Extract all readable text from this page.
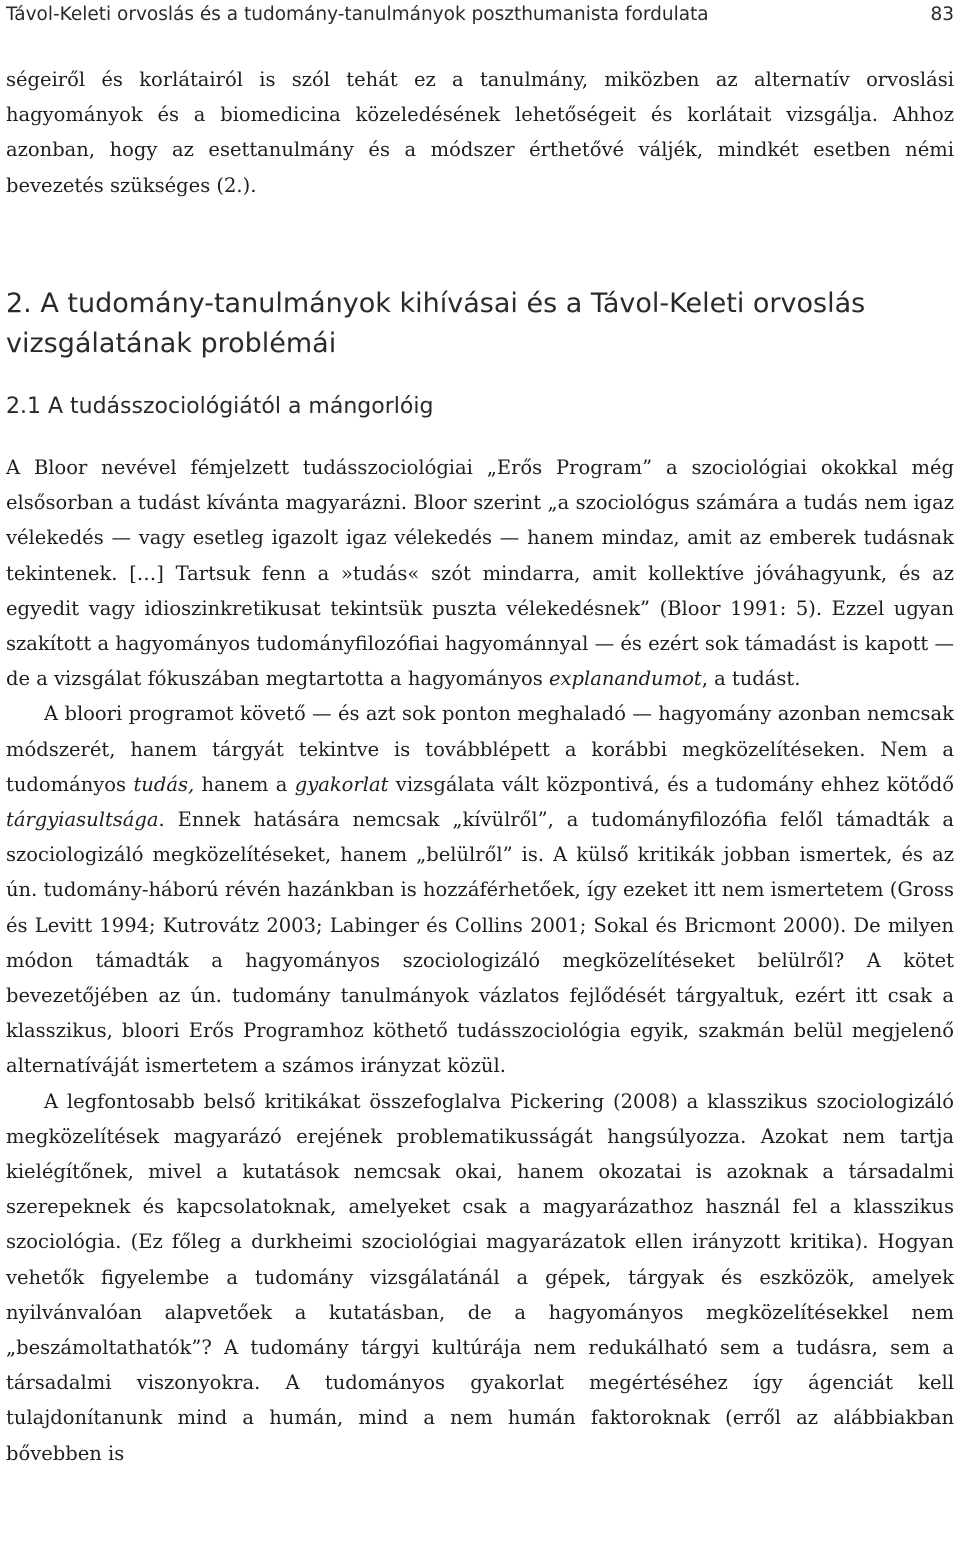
Távol-Keleti orvoslás és a tudomány-tanulmányok poszthumanista fordulata	83

ségeiről és korlátairól is szól tehát ez a tanulmány, miközben az alternatív orvoslási hagyományok és a biomedicina közeledésének lehetőségeit és korlátait vizsgálja. Ahhoz azonban, hogy az esettanulmány és a módszer érthetővé váljék, mindkét esetben némi bevezetés szükséges (2.).

2. A tudomány-tanulmányok kihívásai és a Távol-Keleti orvoslás vizsgálatának problémái
2.1 A tudásszociológiától a mángorlóig

A Bloor nevével fémjelzett tudásszociológiai „Erős Program” a szociológiai okokkal még elsősorban a tudást kívánta magyarázni. Bloor szerint „a szociológus számára a tudás nem igaz vélekedés — vagy esetleg igazolt igaz vélekedés — hanem mindaz, amit az emberek tudásnak tekintenek. […] Tartsuk fenn a »tudás« szót mindarra, amit kollektíve jóváhagyunk, és az egyedit vagy idioszinkretikusat tekintsük puszta vélekedésnek” (Bloor 1991: 5). Ezzel ugyan szakított a hagyományos tudományfilozófiai hagyománnyal — és ezért sok támadást is kapott — de a vizsgálat fókuszában megtartotta a hagyományos explanandumot, a tudást.

A bloori programot követő — és azt sok ponton meghaladó — hagyomány azonban nemcsak módszerét, hanem tárgyát tekintve is továbblépett a korábbi megközelítéseken. Nem a tudományos tudás, hanem a gyakorlat vizsgálata vált központivá, és a tudomány ehhez kötődő tárgyiasultsága. Ennek hatására nemcsak „kívülről”, a tudományfilozófia felől támadták a szociologizáló megközelítéseket, hanem „belülről” is. A külső kritikák jobban ismertek, és az ún. tudomány-háború révén hazánkban is hozzáférhetőek, így ezeket itt nem ismertetem (Gross és Levitt 1994; Kutrovátz 2003; Labinger és Collins 2001; Sokal és Bricmont 2000). De milyen módon támadták a hagyományos szociologizáló megközelítéseket belülről? A kötet bevezetőjében az ún. tudomány tanulmányok vázlatos fejlődését tárgyaltuk, ezért itt csak a klasszikus, bloori Erős Programhoz köthető tudásszociológia egyik, szakmán belül megjelenő alternatíváját ismertetem a számos irányzat közül.

A legfontosabb belső kritikákat összefoglalva Pickering (2008) a klasszikus szociologizáló megközelítések magyarázó erejének problematikusságát hangsúlyozza. Azokat nem tartja kielégítőnek, mivel a kutatások nemcsak okai, hanem okozatai is azoknak a társadalmi szerepeknek és kapcsolatoknak, amelyeket csak a magyarázathoz használ fel a klasszikus szociológia. (Ez főleg a durkheimi szociológiai magyarázatok ellen irányzott kritika). Hogyan vehetők figyelembe a tudomány vizsgálatánál a gépek, tárgyak és eszközök, amelyek nyilvánvalóan alapvetőek a kutatásban, de a hagyományos megközelítésekkel nem „beszámoltathatók”? A tudomány tárgyi kultúrája nem redukálható sem a tudásra, sem a társadalmi viszonyokra. A tudományos gyakorlat megértéséhez így ágenciát kell tulajdonítanunk mind a humán, mind a nem humán faktoroknak (erről az alábbiakban bővebben is
